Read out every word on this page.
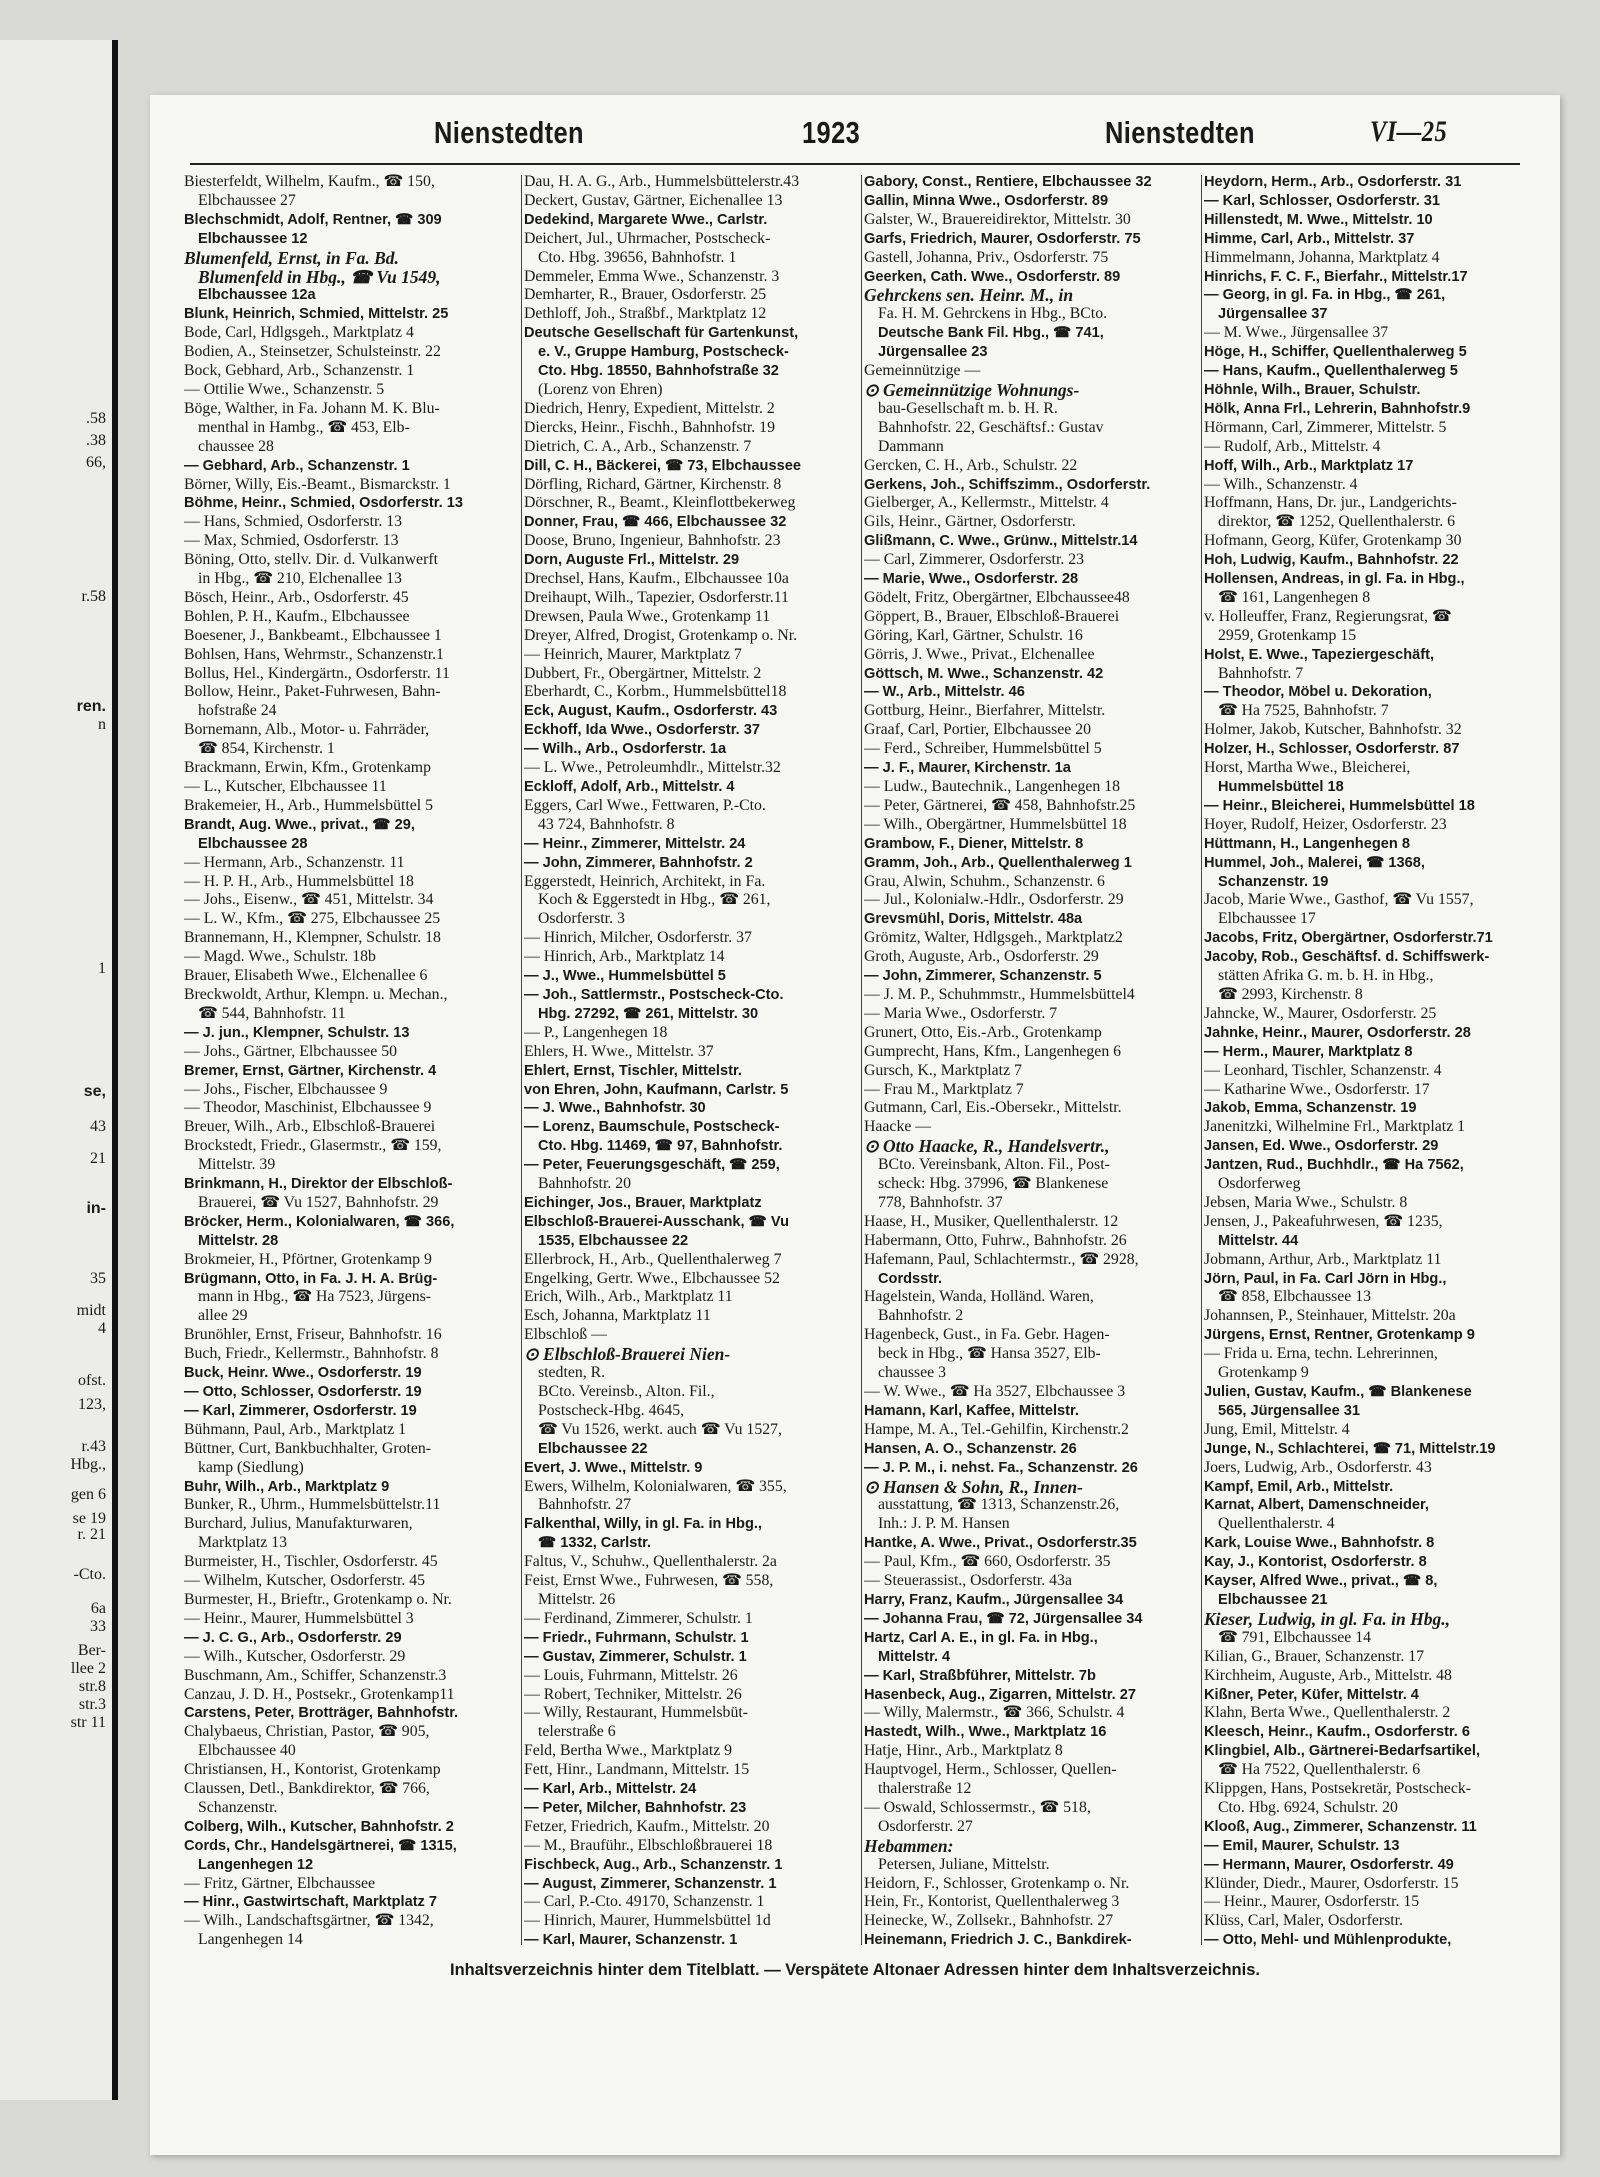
.58
.38
66,
r.58
ren.
n
1
se,
43
21
in-
35
midt
4
ofst.
123,
r.43
Hbg.,
gen 6
se 19
r. 21
-Cto.
6a
33
Ber-
llee 2
str.8
str.3
str 11
Nienstedten	1923	Nienstedten	VI—25
Biesterfeldt, Wilhelm, Kaufm., ☎ 150,
Elbchaussee 27
Blechschmidt, Adolf, Rentner, ☎ 309
Elbchaussee 12
Blumenfeld, Ernst, in Fa. Bd.
Blumenfeld in Hbg., ☎ Vu 1549,
Elbchaussee 12a
Blunk, Heinrich, Schmied, Mittelstr. 25
Bode, Carl, Hdlgsgeh., Marktplatz 4
Bodien, A., Steinsetzer, Schulsteinstr. 22
Bock, Gebhard, Arb., Schanzenstr. 1
— Ottilie Wwe., Schanzenstr. 5
Böge, Walther, in Fa. Johann M. K. Blu-
menthal in Hambg., ☎ 453, Elb-
chaussee 28
— Gebhard, Arb., Schanzenstr. 1
Börner, Willy, Eis.-Beamt., Bismarckstr. 1
Böhme, Heinr., Schmied, Osdorferstr. 13
— Hans, Schmied, Osdorferstr. 13
— Max, Schmied, Osdorferstr. 13
Böning, Otto, stellv. Dir. d. Vulkanwerft
in Hbg., ☎ 210, Elchenallee 13
Bösch, Heinr., Arb., Osdorferstr. 45
Bohlen, P. H., Kaufm., Elbchaussee
Boesener, J., Bankbeamt., Elbchaussee 1
Bohlsen, Hans, Wehrmstr., Schanzenstr.1
Bollus, Hel., Kindergärtn., Osdorferstr. 11
Bollow, Heinr., Paket-Fuhrwesen, Bahn-
hofstraße 24
Bornemann, Alb., Motor- u. Fahrräder,
☎ 854, Kirchenstr. 1
Brackmann, Erwin, Kfm., Grotenkamp
— L., Kutscher, Elbchaussee 11
Brakemeier, H., Arb., Hummelsbüttel 5
Brandt, Aug. Wwe., privat., ☎ 29,
Elbchaussee 28
— Hermann, Arb., Schanzenstr. 11
— H. P. H., Arb., Hummelsbüttel 18
— Johs., Eisenw., ☎ 451, Mittelstr. 34
— L. W., Kfm., ☎ 275, Elbchaussee 25
Brannemann, H., Klempner, Schulstr. 18
— Magd. Wwe., Schulstr. 18b
Brauer, Elisabeth Wwe., Elchenallee 6
Breckwoldt, Arthur, Klempn. u. Mechan.,
☎ 544, Bahnhofstr. 11
— J. jun., Klempner, Schulstr. 13
— Johs., Gärtner, Elbchaussee 50
Bremer, Ernst, Gärtner, Kirchenstr. 4
— Johs., Fischer, Elbchaussee 9
— Theodor, Maschinist, Elbchaussee 9
Breuer, Wilh., Arb., Elbschloß-Brauerei
Brockstedt, Friedr., Glasermstr., ☎ 159,
Mittelstr. 39
Brinkmann, H., Direktor der Elbschloß-
Brauerei, ☎ Vu 1527, Bahnhofstr. 29
Bröcker, Herm., Kolonialwaren, ☎ 366,
Mittelstr. 28
Brokmeier, H., Pförtner, Grotenkamp 9
Brügmann, Otto, in Fa. J. H. A. Brüg-
mann in Hbg., ☎ Ha 7523, Jürgens-
allee 29
Brunöhler, Ernst, Friseur, Bahnhofstr. 16
Buch, Friedr., Kellermstr., Bahnhofstr. 8
Buck, Heinr. Wwe., Osdorferstr. 19
— Otto, Schlosser, Osdorferstr. 19
— Karl, Zimmerer, Osdorferstr. 19
Bühmann, Paul, Arb., Marktplatz 1
Büttner, Curt, Bankbuchhalter, Groten-
kamp (Siedlung)
Buhr, Wilh., Arb., Marktplatz 9
Bunker, R., Uhrm., Hummelsbüttelstr.11
Burchard, Julius, Manufakturwaren,
Marktplatz 13
Burmeister, H., Tischler, Osdorferstr. 45
— Wilhelm, Kutscher, Osdorferstr. 45
Burmester, H., Brieftr., Grotenkamp o. Nr.
— Heinr., Maurer, Hummelsbüttel 3
— J. C. G., Arb., Osdorferstr. 29
— Wilh., Kutscher, Osdorferstr. 29
Buschmann, Am., Schiffer, Schanzenstr.3
Canzau, J. D. H., Postsekr., Grotenkamp11
Carstens, Peter, Brotträger, Bahnhofstr.
Chalybaeus, Christian, Pastor, ☎ 905,
Elbchaussee 40
Christiansen, H., Kontorist, Grotenkamp
Claussen, Detl., Bankdirektor, ☎ 766,
Schanzenstr.
Colberg, Wilh., Kutscher, Bahnhofstr. 2
Cords, Chr., Handelsgärtnerei, ☎ 1315,
Langenhegen 12
— Fritz, Gärtner, Elbchaussee
— Hinr., Gastwirtschaft, Marktplatz 7
— Wilh., Landschaftsgärtner, ☎ 1342,
Langenhegen 14
Dau, H. A. G., Arb., Hummelsbüttelerstr.43
Deckert, Gustav, Gärtner, Eichenallee 13
Dedekind, Margarete Wwe., Carlstr.
Deichert, Jul., Uhrmacher, Postscheck-
Cto. Hbg. 39656, Bahnhofstr. 1
Demmeler, Emma Wwe., Schanzenstr. 3
Demharter, R., Brauer, Osdorferstr. 25
Dethloff, Joh., Straßbf., Marktplatz 12
Deutsche Gesellschaft für Gartenkunst,
e. V., Gruppe Hamburg, Postscheck-
Cto. Hbg. 18550, Bahnhofstraße 32
(Lorenz von Ehren)
Diedrich, Henry, Expedient, Mittelstr. 2
Diercks, Heinr., Fischh., Bahnhofstr. 19
Dietrich, C. A., Arb., Schanzenstr. 7
Dill, C. H., Bäckerei, ☎ 73, Elbchaussee
Dörfling, Richard, Gärtner, Kirchenstr. 8
Dörschner, R., Beamt., Kleinflottbekerweg
Donner, Frau, ☎ 466, Elbchaussee 32
Doose, Bruno, Ingenieur, Bahnhofstr. 23
Dorn, Auguste Frl., Mittelstr. 29
Drechsel, Hans, Kaufm., Elbchaussee 10a
Dreihaupt, Wilh., Tapezier, Osdorferstr.11
Drewsen, Paula Wwe., Grotenkamp 11
Dreyer, Alfred, Drogist, Grotenkamp o. Nr.
— Heinrich, Maurer, Marktplatz 7
Dubbert, Fr., Obergärtner, Mittelstr. 2
Eberhardt, C., Korbm., Hummelsbüttel18
Eck, August, Kaufm., Osdorferstr. 43
Eckhoff, Ida Wwe., Osdorferstr. 37
— Wilh., Arb., Osdorferstr. 1a
— L. Wwe., Petroleumhdlr., Mittelstr.32
Eckloff, Adolf, Arb., Mittelstr. 4
Eggers, Carl Wwe., Fettwaren, P.-Cto.
43 724, Bahnhofstr. 8
— Heinr., Zimmerer, Mittelstr. 24
— John, Zimmerer, Bahnhofstr. 2
Eggerstedt, Heinrich, Architekt, in Fa.
Koch & Eggerstedt in Hbg., ☎ 261,
Osdorferstr. 3
— Hinrich, Milcher, Osdorferstr. 37
— Hinrich, Arb., Marktplatz 14
— J., Wwe., Hummelsbüttel 5
— Joh., Sattlermstr., Postscheck-Cto.
Hbg. 27292, ☎ 261, Mittelstr. 30
— P., Langenhegen 18
Ehlers, H. Wwe., Mittelstr. 37
Ehlert, Ernst, Tischler, Mittelstr.
von Ehren, John, Kaufmann, Carlstr. 5
— J. Wwe., Bahnhofstr. 30
— Lorenz, Baumschule, Postscheck-
Cto. Hbg. 11469, ☎ 97, Bahnhofstr.
— Peter, Feuerungsgeschäft, ☎ 259,
Bahnhofstr. 20
Eichinger, Jos., Brauer, Marktplatz
Elbschloß-Brauerei-Ausschank, ☎ Vu
1535, Elbchaussee 22
Ellerbrock, H., Arb., Quellenthalerweg 7
Engelking, Gertr. Wwe., Elbchaussee 52
Erich, Wilh., Arb., Marktplatz 11
Esch, Johanna, Marktplatz 11
Elbschloß —
⊙ Elbschloß-Brauerei Nien-
stedten, R.
BCto. Vereinsb., Alton. Fil.,
Postscheck-Hbg. 4645,
☎ Vu 1526, werkt. auch ☎ Vu 1527,
Elbchaussee 22
Evert, J. Wwe., Mittelstr. 9
Ewers, Wilhelm, Kolonialwaren, ☎ 355,
Bahnhofstr. 27
Falkenthal, Willy, in gl. Fa. in Hbg.,
☎ 1332, Carlstr.
Faltus, V., Schuhw., Quellenthalerstr. 2a
Feist, Ernst Wwe., Fuhrwesen, ☎ 558,
Mittelstr. 26
— Ferdinand, Zimmerer, Schulstr. 1
— Friedr., Fuhrmann, Schulstr. 1
— Gustav, Zimmerer, Schulstr. 1
— Louis, Fuhrmann, Mittelstr. 26
— Robert, Techniker, Mittelstr. 26
— Willy, Restaurant, Hummelsbüt-
telerstraße 6
Feld, Bertha Wwe., Marktplatz 9
Fett, Hinr., Landmann, Mittelstr. 15
— Karl, Arb., Mittelstr. 24
— Peter, Milcher, Bahnhofstr. 23
Fetzer, Friedrich, Kaufm., Mittelstr. 20
— M., Brauführ., Elbschloßbrauerei 18
Fischbeck, Aug., Arb., Schanzenstr. 1
— August, Zimmerer, Schanzenstr. 1
— Carl, P.-Cto. 49170, Schanzenstr. 1
— Hinrich, Maurer, Hummelsbüttel 1d
— Karl, Maurer, Schanzenstr. 1
Gabory, Const., Rentiere, Elbchaussee 32
Gallin, Minna Wwe., Osdorferstr. 89
Galster, W., Brauereidirektor, Mittelstr. 30
Garfs, Friedrich, Maurer, Osdorferstr. 75
Gastell, Johanna, Priv., Osdorferstr. 75
Geerken, Cath. Wwe., Osdorferstr. 89
Gehrckens sen. Heinr. M., in
Fa. H. M. Gehrckens in Hbg., BCto.
Deutsche Bank Fil. Hbg., ☎ 741,
Jürgensallee 23
Gemeinnützige —
⊙ Gemeinnützige Wohnungs-
bau-Gesellschaft m. b. H. R.
Bahnhofstr. 22, Geschäftsf.: Gustav
Dammann
Gercken, C. H., Arb., Schulstr. 22
Gerkens, Joh., Schiffszimm., Osdorferstr.
Gielberger, A., Kellermstr., Mittelstr. 4
Gils, Heinr., Gärtner, Osdorferstr.
Glißmann, C. Wwe., Grünw., Mittelstr.14
— Carl, Zimmerer, Osdorferstr. 23
— Marie, Wwe., Osdorferstr. 28
Gödelt, Fritz, Obergärtner, Elbchaussee48
Göppert, B., Brauer, Elbschloß-Brauerei
Göring, Karl, Gärtner, Schulstr. 16
Görris, J. Wwe., Privat., Elchenallee
Göttsch, M. Wwe., Schanzenstr. 42
— W., Arb., Mittelstr. 46
Gottburg, Heinr., Bierfahrer, Mittelstr.
Graaf, Carl, Portier, Elbchaussee 20
— Ferd., Schreiber, Hummelsbüttel 5
— J. F., Maurer, Kirchenstr. 1a
— Ludw., Bautechnik., Langenhegen 18
— Peter, Gärtnerei, ☎ 458, Bahnhofstr.25
— Wilh., Obergärtner, Hummelsbüttel 18
Grambow, F., Diener, Mittelstr. 8
Gramm, Joh., Arb., Quellenthalerweg 1
Grau, Alwin, Schuhm., Schanzenstr. 6
— Jul., Kolonialw.-Hdlr., Osdorferstr. 29
Grevsmühl, Doris, Mittelstr. 48a
Grömitz, Walter, Hdlgsgeh., Marktplatz2
Groth, Auguste, Arb., Osdorferstr. 29
— John, Zimmerer, Schanzenstr. 5
— J. M. P., Schuhmmstr., Hummelsbüttel4
— Maria Wwe., Osdorferstr. 7
Grunert, Otto, Eis.-Arb., Grotenkamp
Gumprecht, Hans, Kfm., Langenhegen 6
Gursch, K., Marktplatz 7
— Frau M., Marktplatz 7
Gutmann, Carl, Eis.-Obersekr., Mittelstr.
Haacke —
⊙ Otto Haacke, R., Handelsvertr.,
BCto. Vereinsbank, Alton. Fil., Post-
scheck: Hbg. 37996, ☎ Blankenese
778, Bahnhofstr. 37
Haase, H., Musiker, Quellenthalerstr. 12
Habermann, Otto, Fuhrw., Bahnhofstr. 26
Hafemann, Paul, Schlachtermstr., ☎ 2928,
Cordsstr.
Hagelstein, Wanda, Holländ. Waren,
Bahnhofstr. 2
Hagenbeck, Gust., in Fa. Gebr. Hagen-
beck in Hbg., ☎ Hansa 3527, Elb-
chaussee 3
— W. Wwe., ☎ Ha 3527, Elbchaussee 3
Hamann, Karl, Kaffee, Mittelstr.
Hampe, M. A., Tel.-Gehilfin, Kirchenstr.2
Hansen, A. O., Schanzenstr. 26
— J. P. M., i. nehst. Fa., Schanzenstr. 26
⊙ Hansen & Sohn, R., Innen-
ausstattung, ☎ 1313, Schanzenstr.26,
Inh.: J. P. M. Hansen
Hantke, A. Wwe., Privat., Osdorferstr.35
— Paul, Kfm., ☎ 660, Osdorferstr. 35
— Steuerassist., Osdorferstr. 43a
Harry, Franz, Kaufm., Jürgensallee 34
— Johanna Frau, ☎ 72, Jürgensallee 34
Hartz, Carl A. E., in gl. Fa. in Hbg.,
Mittelstr. 4
— Karl, Straßbführer, Mittelstr. 7b
Hasenbeck, Aug., Zigarren, Mittelstr. 27
— Willy, Malermstr., ☎ 366, Schulstr. 4
Hastedt, Wilh., Wwe., Marktplatz 16
Hatje, Hinr., Arb., Marktplatz 8
Hauptvogel, Herm., Schlosser, Quellen-
thalerstraße 12
— Oswald, Schlossermstr., ☎ 518,
Osdorferstr. 27
Hebammen:
Petersen, Juliane, Mittelstr.
Heidorn, F., Schlosser, Grotenkamp o. Nr.
Hein, Fr., Kontorist, Quellenthalerweg 3
Heinecke, W., Zollsekr., Bahnhofstr. 27
Heinemann, Friedrich J. C., Bankdirek-
Heydorn, Herm., Arb., Osdorferstr. 31
— Karl, Schlosser, Osdorferstr. 31
Hillenstedt, M. Wwe., Mittelstr. 10
Himme, Carl, Arb., Mittelstr. 37
Himmelmann, Johanna, Marktplatz 4
Hinrichs, F. C. F., Bierfahr., Mittelstr.17
— Georg, in gl. Fa. in Hbg., ☎ 261,
Jürgensallee 37
— M. Wwe., Jürgensallee 37
Höge, H., Schiffer, Quellenthalerweg 5
— Hans, Kaufm., Quellenthalerweg 5
Höhnle, Wilh., Brauer, Schulstr.
Hölk, Anna Frl., Lehrerin, Bahnhofstr.9
Hörmann, Carl, Zimmerer, Mittelstr. 5
— Rudolf, Arb., Mittelstr. 4
Hoff, Wilh., Arb., Marktplatz 17
— Wilh., Schanzenstr. 4
Hoffmann, Hans, Dr. jur., Landgerichts-
direktor, ☎ 1252, Quellenthalerstr. 6
Hofmann, Georg, Küfer, Grotenkamp 30
Hoh, Ludwig, Kaufm., Bahnhofstr. 22
Hollensen, Andreas, in gl. Fa. in Hbg.,
☎ 161, Langenhegen 8
v. Holleuffer, Franz, Regierungsrat, ☎
2959, Grotenkamp 15
Holst, E. Wwe., Tapeziergeschäft,
Bahnhofstr. 7
— Theodor, Möbel u. Dekoration,
☎ Ha 7525, Bahnhofstr. 7
Holmer, Jakob, Kutscher, Bahnhofstr. 32
Holzer, H., Schlosser, Osdorferstr. 87
Horst, Martha Wwe., Bleicherei,
Hummelsbüttel 18
— Heinr., Bleicherei, Hummelsbüttel 18
Hoyer, Rudolf, Heizer, Osdorferstr. 23
Hüttmann, H., Langenhegen 8
Hummel, Joh., Malerei, ☎ 1368,
Schanzenstr. 19
Jacob, Marie Wwe., Gasthof, ☎ Vu 1557,
Elbchaussee 17
Jacobs, Fritz, Obergärtner, Osdorferstr.71
Jacoby, Rob., Geschäftsf. d. Schiffswerk-
stätten Afrika G. m. b. H. in Hbg.,
☎ 2993, Kirchenstr. 8
Jahncke, W., Maurer, Osdorferstr. 25
Jahnke, Heinr., Maurer, Osdorferstr. 28
— Herm., Maurer, Marktplatz 8
— Leonhard, Tischler, Schanzenstr. 4
— Katharine Wwe., Osdorferstr. 17
Jakob, Emma, Schanzenstr. 19
Janenitzki, Wilhelmine Frl., Marktplatz 1
Jansen, Ed. Wwe., Osdorferstr. 29
Jantzen, Rud., Buchhdlr., ☎ Ha 7562,
Osdorferweg
Jebsen, Maria Wwe., Schulstr. 8
Jensen, J., Pakeafuhrwesen, ☎ 1235,
Mittelstr. 44
Jobmann, Arthur, Arb., Marktplatz 11
Jörn, Paul, in Fa. Carl Jörn in Hbg.,
☎ 858, Elbchaussee 13
Johannsen, P., Steinhauer, Mittelstr. 20a
Jürgens, Ernst, Rentner, Grotenkamp 9
— Frida u. Erna, techn. Lehrerinnen,
Grotenkamp 9
Julien, Gustav, Kaufm., ☎ Blankenese
565, Jürgensallee 31
Jung, Emil, Mittelstr. 4
Junge, N., Schlachterei, ☎ 71, Mittelstr.19
Joers, Ludwig, Arb., Osdorferstr. 43
Kampf, Emil, Arb., Mittelstr.
Karnat, Albert, Damenschneider,
Quellenthalerstr. 4
Kark, Louise Wwe., Bahnhofstr. 8
Kay, J., Kontorist, Osdorferstr. 8
Kayser, Alfred Wwe., privat., ☎ 8,
Elbchaussee 21
Kieser, Ludwig, in gl. Fa. in Hbg.,
☎ 791, Elbchaussee 14
Kilian, G., Brauer, Schanzenstr. 17
Kirchheim, Auguste, Arb., Mittelstr. 48
Kißner, Peter, Küfer, Mittelstr. 4
Klahn, Berta Wwe., Quellenthalerstr. 2
Kleesch, Heinr., Kaufm., Osdorferstr. 6
Klingbiel, Alb., Gärtnerei-Bedarfsartikel,
☎ Ha 7522, Quellenthalerstr. 6
Klippgen, Hans, Postsekretär, Postscheck-
Cto. Hbg. 6924, Schulstr. 20
Klooß, Aug., Zimmerer, Schanzenstr. 11
— Emil, Maurer, Schulstr. 13
— Hermann, Maurer, Osdorferstr. 49
Klünder, Diedr., Maurer, Osdorferstr. 15
— Heinr., Maurer, Osdorferstr. 15
Klüss, Carl, Maler, Osdorferstr.
— Otto, Mehl- und Mühlenprodukte,
Inhaltsverzeichnis hinter dem Titelblatt. — Verspätete Altonaer Adressen hinter dem Inhaltsverzeichnis.
